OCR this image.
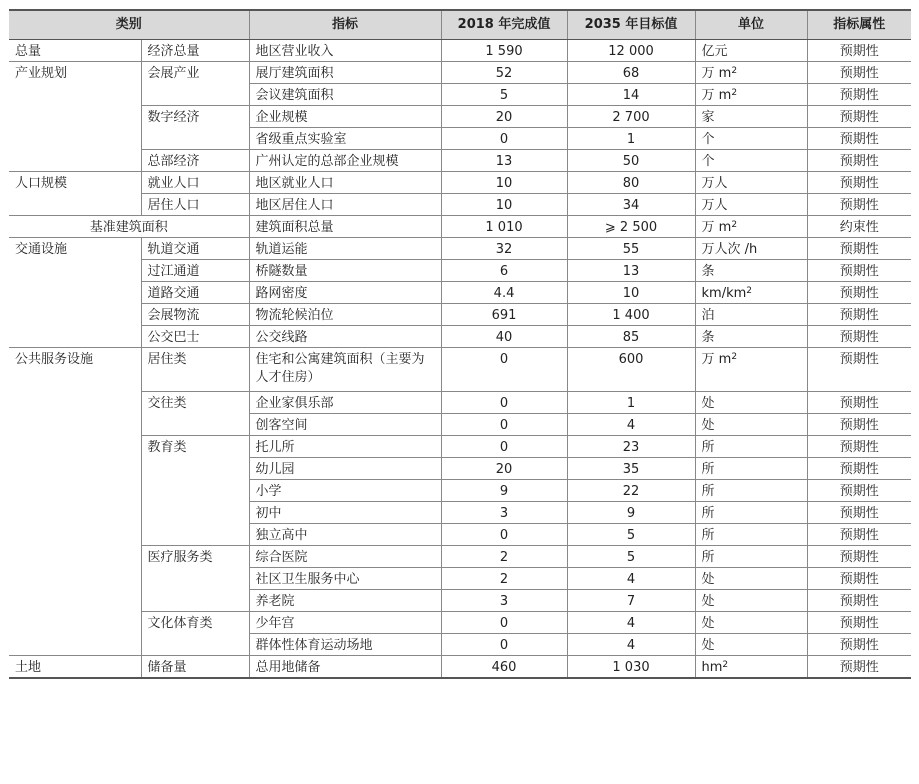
类别		指标	2018 年完成值	2035 年目标值	单位	指标属性
总量	经济总量	地区营业收入	1 590	12 000	亿元	预期性
产业规划	会展产业	展厅建筑面积	52	68	万 $m^2$	预期性
		会议建筑面积	5	14	万 $m^2$	预期性
	数字经济	企业规模	20	2 700	家	预期性
		省级重点实验室	0	1	个	预期性
	总部经济	广州认定的总部企业规模	13	50	个	预期性
人口规模	就业人口	地区就业人口	10	80	万人	预期性
	居住人口	地区居住人口	10	34	万人	预期性
基准建筑面积		建筑面积总量	1 010	⩾ 2 500	万 $m^2$	约束性
交通设施	轨道交通	轨道运能	32	55	万人次 /h	预期性
	过江通道	桥隧数量	6	13	条	预期性
	道路交通	路网密度	4.4	10	$km/km^2$	预期性
	会展物流	物流轮候泊位	691	1 400	泊	预期性
	公交巴士	公交线路	40	85	条	预期性
公共服务设施	居住类	住宅和公寓建筑面积（主要为人才住房）	0	600	万 $m^2$	预期性
	交往类	企业家俱乐部	0	1	处	预期性
		创客空间	0	4	处	预期性
	教育类	托儿所	0	23	所	预期性
		幼儿园	20	35	所	预期性
		小学	9	22	所	预期性
		初中	3	9	所	预期性
		独立高中	0	5	所	预期性
	医疗服务类	综合医院	2	5	所	预期性
		社区卫生服务中心	2	4	处	预期性
		养老院	3	7	处	预期性
	文化体育类	少年宫	0	4	处	预期性
		群体性体育运动场地	0	4	处	预期性
土地	储备量	总用地储备	460	1 030	$hm^2$	预期性
